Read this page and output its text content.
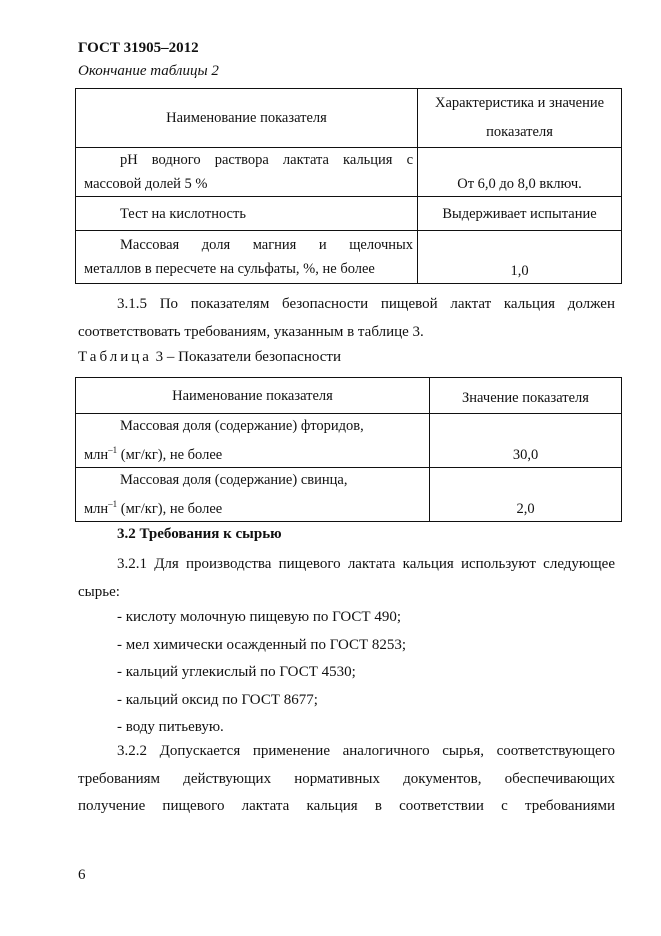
ГОСТ 31905–2012
Окончание таблицы 2
Наименование показателя	Характеристика и значение
показателя

pH водного раствора лактата кальция с
массовой долей 5 %	От 6,0 до 8,0 включ.
Тест на кислотность	Выдерживает испытание

Массовая доля магния и щелочных
металлов в пересчете на сульфаты, %, не более	1,0
3.1.5 По показателям безопасности пищевой лактат кальция должен
соответствовать требованиям, указанным в таблице 3.
Таблица 3 – Показатели безопасности
Наименование показателя	Значение показателя

Массовая доля (содержание) фторидов,
млн$^{-1}$ (мг/кг), не более	30,0

Массовая доля (содержание) свинца,
млн$^{-1}$ (мг/кг), не более	2,0
3.2 Требования к сырью
3.2.1 Для производства пищевого лактата кальция используют следующее
сырье:
- кислоту молочную пищевую по ГОСТ 490;
- мел химически осажденный по ГОСТ 8253;
- кальций углекислый по ГОСТ 4530;
- кальций оксид по ГОСТ 8677;
- воду питьевую.
3.2.2 Допускается применение аналогичного сырья, соответствующего
требованиям действующих нормативных документов, обеспечивающих
получение пищевого лактата кальция в соответствии с требованиями
6
